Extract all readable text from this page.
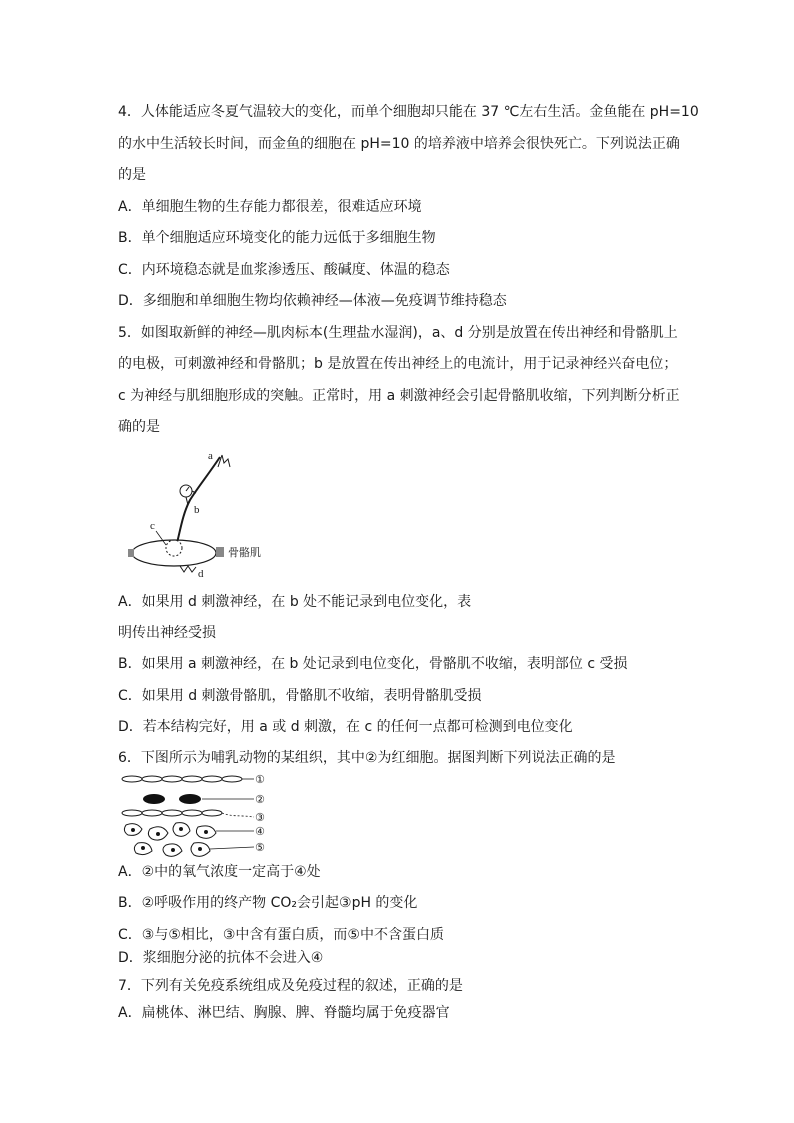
4．人体能适应冬夏气温较大的变化，而单个细胞却只能在 37 ℃左右生活。金鱼能在 pH=10
的水中生活较长时间，而金鱼的细胞在 pH=10 的培养液中培养会很快死亡。下列说法正确
的是
A．单细胞生物的生存能力都很差，很难适应环境
B．单个细胞适应环境变化的能力远低于多细胞生物
C．内环境稳态就是血浆渗透压、酸碱度、体温的稳态
D．多细胞和单细胞生物均依赖神经—体液—免疫调节维持稳态
5．如图取新鲜的神经—肌肉标本(生理盐水湿润)，a、d 分别是放置在传出神经和骨骼肌上
的电极，可刺激神经和骨骼肌；b 是放置在传出神经上的电流计，用于记录神经兴奋电位；
c 为神经与肌细胞形成的突触。正常时，用 a 刺激神经会引起骨骼肌收缩，下列判断分析正
确的是
a
b
c
d
骨骼肌
A．如果用 d 刺激神经，在 b 处不能记录到电位变化，表
明传出神经受损
B．如果用 a 刺激神经，在 b 处记录到电位变化，骨骼肌不收缩，表明部位 c 受损
C．如果用 d 刺激骨骼肌，骨骼肌不收缩，表明骨骼肌受损
D．若本结构完好，用 a 或 d 刺激，在 c 的任何一点都可检测到电位变化
6．下图所示为哺乳动物的某组织，其中②为红细胞。据图判断下列说法正确的是
①
②
③
④
⑤
A．②中的氧气浓度一定高于④处
B．②呼吸作用的终产物 CO₂会引起③pH 的变化
C．③与⑤相比，③中含有蛋白质，而⑤中不含蛋白质
D．浆细胞分泌的抗体不会进入④
7．下列有关免疫系统组成及免疫过程的叙述，正确的是
A．扁桃体、淋巴结、胸腺、脾、脊髓均属于免疫器官
